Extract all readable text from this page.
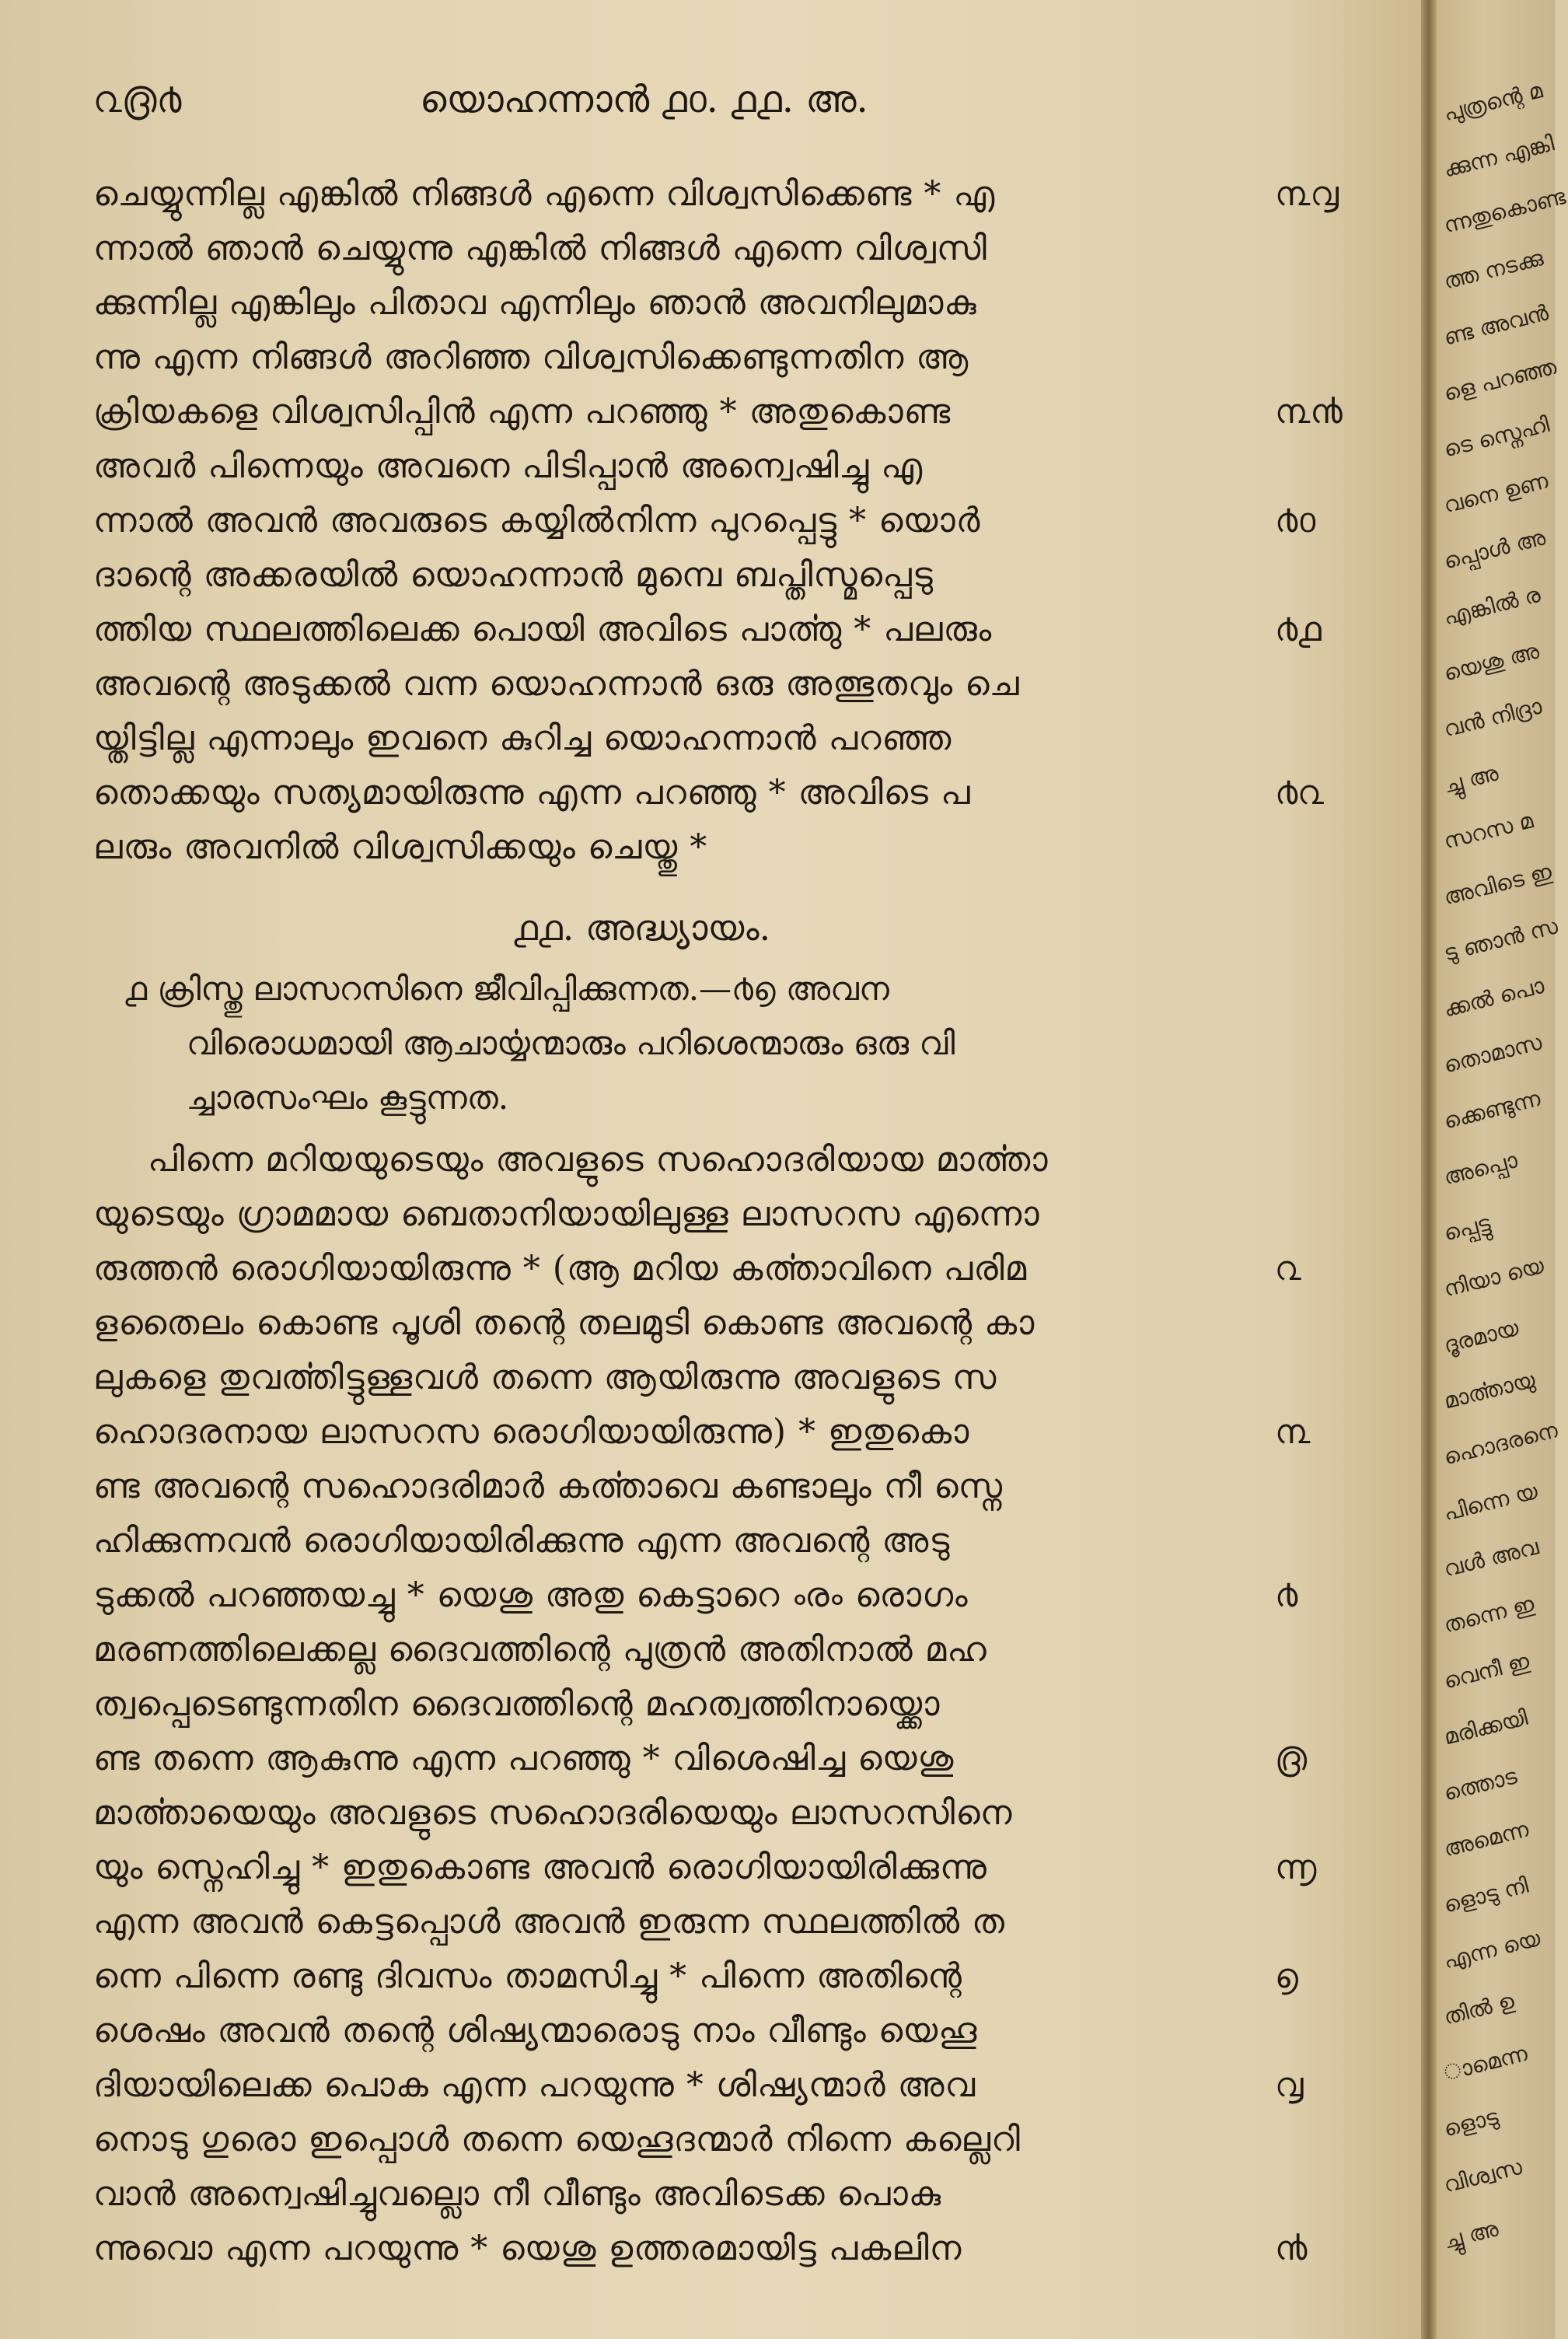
൨൫൪	യൊഹന്നാൻ ൧൦. ൧൧. അ.
ചെയ്യുന്നില്ല എങ്കിൽ നിങ്ങൾ എന്നെ വിശ്വസിക്കെണ്ട * എ
ന്നാൽ ഞാൻ ചെയ്യുന്നു എങ്കിൽ നിങ്ങൾ എന്നെ വിശ്വസി
ക്കുന്നില്ല എങ്കിലും പിതാവ എന്നിലും ഞാൻ അവനിലുമാകു
ന്നു എന്ന നിങ്ങൾ അറിഞ്ഞ വിശ്വസിക്കെണ്ടുന്നതിന ആ
ക്രിയകളെ വിശ്വസിപ്പിൻ എന്ന പറഞ്ഞു * അതുകൊണ്ട
അവർ പിന്നെയും അവനെ പിടിപ്പാൻ അന്വെഷിച്ചു എ
ന്നാൽ അവൻ അവരുടെ കയ്യിൽനിന്ന പുറപ്പെട്ടു * യൊർ
ദാന്റെ അക്കരയിൽ യൊഹന്നാൻ മുമ്പെ ബപ്തിസ്മപ്പെടു
ത്തിയ സ്ഥലത്തിലെക്ക പൊയി അവിടെ പാൎത്തു * പലരും
അവന്റെ അടുക്കൽ വന്ന യൊഹന്നാൻ ഒരു അത്ഭുതവും ചെ
യ്തിട്ടില്ല എന്നാലും ഇവനെ കുറിച്ച യൊഹന്നാൻ പറഞ്ഞ
തൊക്കയും സത്യമായിരുന്നു എന്ന പറഞ്ഞു * അവിടെ പ
ലരും അവനിൽ വിശ്വസിക്കയും ചെയ്തു *
൩൮
൩൯
൪൦
൪൧
൪൨
൧൧. അദ്ധ്യായം.
൧ ക്രിസ്തു ലാസറസിനെ ജീവിപ്പിക്കുന്നത.—൪൭ അവന
വിരൊധമായി ആചാൎയ്യന്മാരും പറിശെന്മാരും ഒരു വി
ച്ചാരസംഘം കൂട്ടുന്നത.
പിന്നെ മറിയയുടെയും അവളുടെ സഹൊദരിയായ മാൎത്താ
യുടെയും ഗ്രാമമായ ബെതാനിയായിലുള്ള ലാസറസ എന്നൊ
രുത്തൻ രൊഗിയായിരുന്നു * (ആ മറിയ കൎത്താവിനെ പരിമ
ളതൈലം കൊണ്ട പൂശി തന്റെ തലമുടി കൊണ്ട അവന്റെ കാ
ലുകളെ തുവൎത്തിട്ടുള്ളവൾ തന്നെ ആയിരുന്നു അവളുടെ സ
ഹൊദരനായ ലാസറസ രൊഗിയായിരുന്നു) * ഇതുകൊ
ണ്ട അവന്റെ സഹൊദരിമാർ കൎത്താവെ കണ്ടാലും നീ സ്നെ
ഹിക്കുന്നവൻ രൊഗിയായിരിക്കുന്നു എന്ന അവന്റെ അടു
ടുക്കൽ പറഞ്ഞയച്ചു * യെശു അതു കെട്ടാറെ ൟ രൊഗം
മരണത്തിലെക്കല്ല ദൈവത്തിന്റെ പുത്രൻ അതിനാൽ മഹ
ത്വപ്പെടെണ്ടുന്നതിന ദൈവത്തിന്റെ മഹത്വത്തിനായ്ക്കൊ
ണ്ട തന്നെ ആകുന്നു എന്ന പറഞ്ഞു * വിശെഷിച്ച യെശു
മാൎത്തായെയും അവളുടെ സഹൊദരിയെയും ലാസറസിനെ
യും സ്നെഹിച്ചു * ഇതുകൊണ്ട അവൻ രൊഗിയായിരിക്കുന്നു
എന്ന അവൻ കെട്ടപ്പൊൾ അവൻ ഇരുന്ന സ്ഥലത്തിൽ ത
ന്നെ പിന്നെ രണ്ടു ദിവസം താമസിച്ചു * പിന്നെ അതിന്റെ
ശെഷം അവൻ തന്റെ ശിഷ്യന്മാരൊടു നാം വീണ്ടും യെഹൂ
ദിയായിലെക്ക പൊക എന്ന പറയുന്നു * ശിഷ്യന്മാർ അവ
നൊടു ഗുരൊ ഇപ്പൊൾ തന്നെ യെഹൂദന്മാർ നിന്നെ കല്ലെറി
വാൻ അന്വെഷിച്ചുവല്ലൊ നീ വീണ്ടും അവിടെക്ക പൊകു
ന്നുവൊ എന്ന പറയുന്നു * യെശു ഉത്തരമായിട്ട പകലിന
൨
൩
൪
൫
൬
൭
൮
൯
പുത്രന്റെ മ
ക്കുന്ന എങ്കി
ന്നതുകൊണ്ട
ത്ത നടക്കു
ണ്ട അവൻ
ളെ പറഞ്ഞ
ടെ സ്നെഹി
വനെ ഉണ
പ്പൊൾ അ
എങ്കിൽ ര
യെശു അ
വൻ നിദ്രാ
ച്ചു അ
സറസ മ
അവിടെ ഇ
ടു ഞാൻ സ
ക്കൽ പൊ
തൊമാസ
ക്കെണ്ടുന്ന
അപ്പൊ
പ്പെട്ടു
നിയാ യെ
ദൂരമായ
മാൎത്തായു
ഹൊദരനെ
പിന്നെ യ
വൾ അവ
തന്നെ ഇ
വെനീ ഇ
മരിക്കയി
ത്തൊട
അമെന്ന
ളൊടു നി
എന്ന യെ
തിൽ ഉ
ാമെന്ന
ളൊടു
വിശ്വസ
ച്ചു അ
